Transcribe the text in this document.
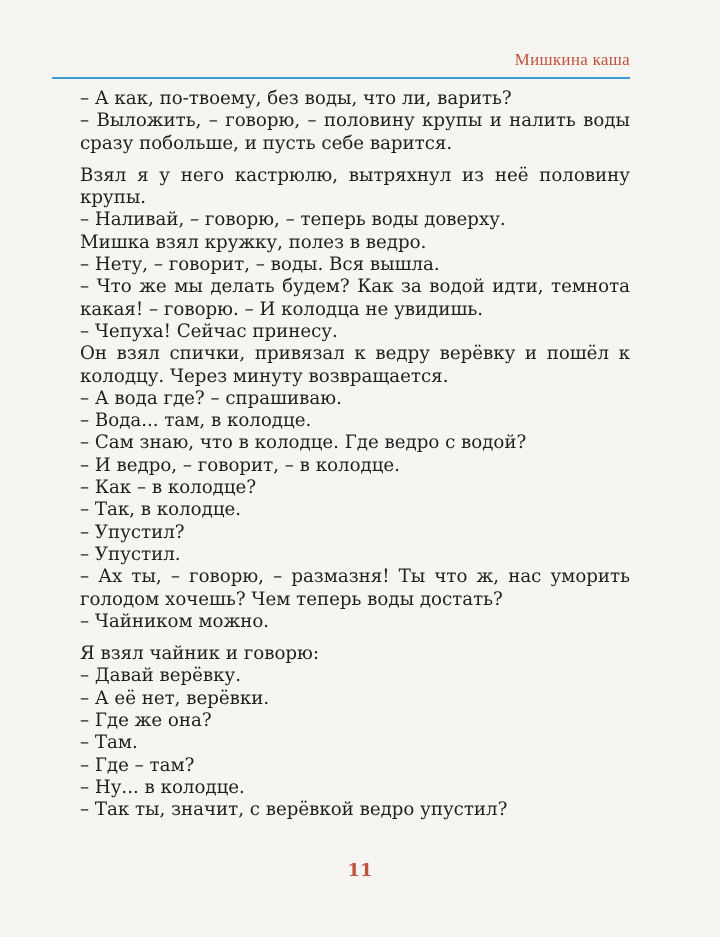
Мишкина каша

– А как, по-твоему, без воды, что ли, варить?

– Выложить, – говорю, – половину крупы и налить воды сразу побольше, и пусть себе варится.

Взял я у него кастрюлю, вытряхнул из неё половину крупы.

– Наливай, – говорю, – теперь воды доверху.

Мишка взял кружку, полез в ведро.

– Нету, – говорит, – воды. Вся вышла.

– Что же мы делать будем? Как за водой идти, темнота какая! – говорю. – И колодца не увидишь.

– Чепуха! Сейчас принесу.

Он взял спички, привязал к ведру верёвку и пошёл к колодцу. Через минуту возвращается.

– А вода где? – спрашиваю.

– Вода... там, в колодце.

– Сам знаю, что в колодце. Где ведро с водой?

– И ведро, – говорит, – в колодце.

– Как – в колодце?

– Так, в колодце.

– Упустил?

– Упустил.

– Ах ты, – говорю, – размазня! Ты что ж, нас уморить голодом хочешь? Чем теперь воды достать?

– Чайником можно.

Я взял чайник и говорю:

– Давай верёвку.

– А её нет, верёвки.

– Где же она?

– Там.

– Где – там?

– Ну... в колодце.

– Так ты, значит, с верёвкой ведро упустил?

11
